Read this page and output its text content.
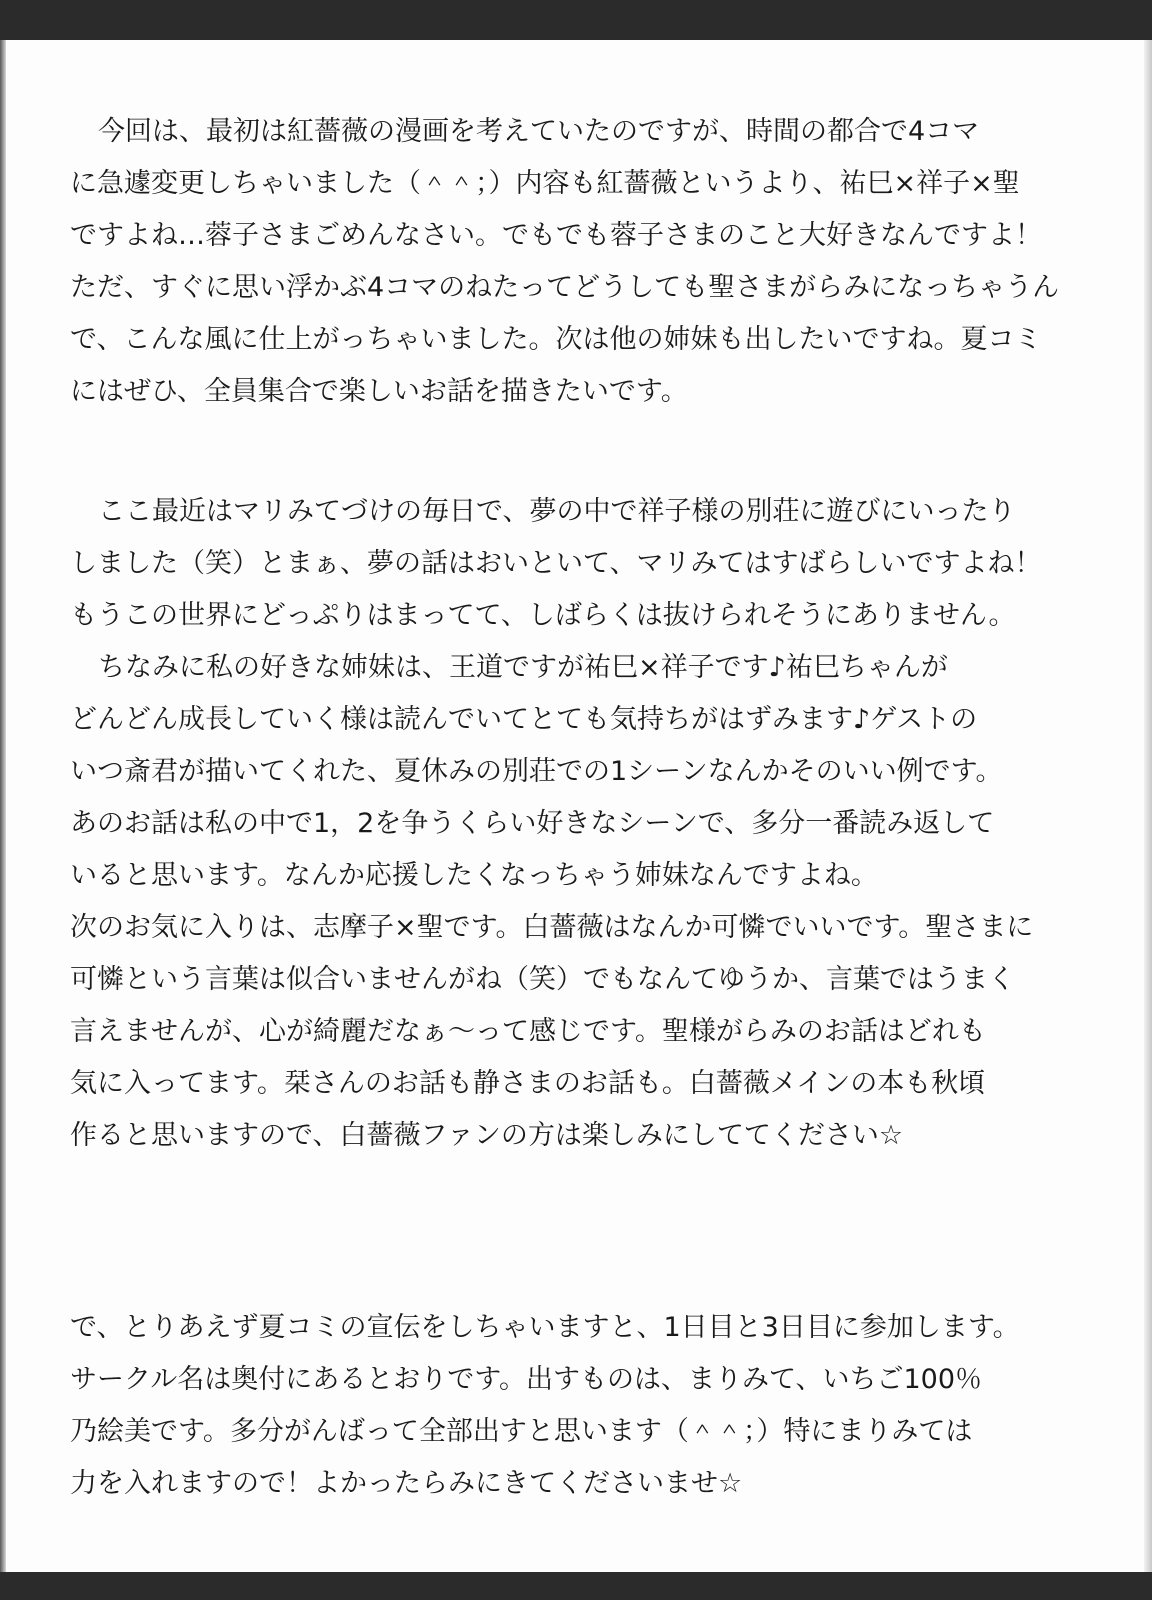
今回は、最初は紅薔薇の漫画を考えていたのですが、時間の都合で4コマ
に急遽変更しちゃいました（＾＾；）内容も紅薔薇というより、祐巳×祥子×聖
ですよね…蓉子さまごめんなさい。でもでも蓉子さまのこと大好きなんですよ！
ただ、すぐに思い浮かぶ4コマのねたってどうしても聖さまがらみになっちゃうん
で、こんな風に仕上がっちゃいました。次は他の姉妹も出したいですね。夏コミ
にはぜひ、全員集合で楽しいお話を描きたいです。
ここ最近はマリみてづけの毎日で、夢の中で祥子様の別荘に遊びにいったり
しました（笑）とまぁ、夢の話はおいといて、マリみてはすばらしいですよね！
もうこの世界にどっぷりはまってて、しばらくは抜けられそうにありません。
ちなみに私の好きな姉妹は、王道ですが祐巳×祥子です♪祐巳ちゃんが
どんどん成長していく様は読んでいてとても気持ちがはずみます♪ゲストの
いつ斎君が描いてくれた、夏休みの別荘での1シーンなんかそのいい例です。
あのお話は私の中で1，2を争うくらい好きなシーンで、多分一番読み返して
いると思います。なんか応援したくなっちゃう姉妹なんですよね。
次のお気に入りは、志摩子×聖です。白薔薇はなんか可憐でいいです。聖さまに
可憐という言葉は似合いませんがね（笑）でもなんてゆうか、言葉ではうまく
言えませんが、心が綺麗だなぁ～って感じです。聖様がらみのお話はどれも
気に入ってます。栞さんのお話も静さまのお話も。白薔薇メインの本も秋頃
作ると思いますので、白薔薇ファンの方は楽しみにしててください☆
で、とりあえず夏コミの宣伝をしちゃいますと、1日目と3日目に参加します。
サークル名は奥付にあるとおりです。出すものは、まりみて、いちご100％
乃絵美です。多分がんばって全部出すと思います（＾＾；）特にまりみては
力を入れますので！よかったらみにきてくださいませ☆
